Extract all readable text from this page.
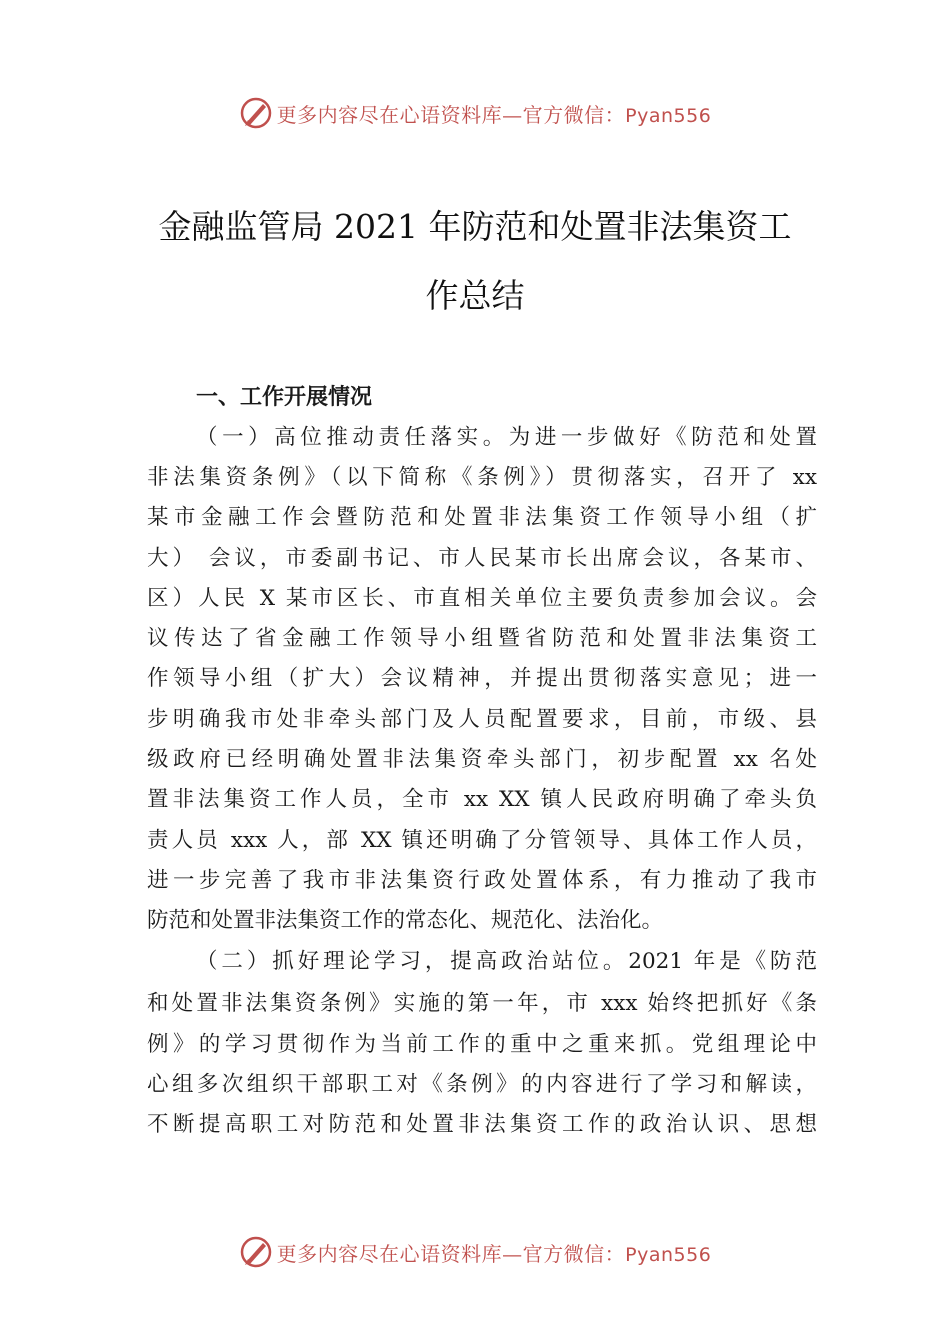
更多内容尽在心语资料库—官方微信：Pyan556
金融监管局 2021 年防范和处置非法集资工
作总结
一、工作开展情况
（一）高位推动责任落实。为进一步做好《防范和处置
非法集资条例》（以下简称《条例》）贯彻落实，召开了 xx
某市金融工作会暨防范和处置非法集资工作领导小组（扩
大） 会议，市委副书记、市人民某市长出席会议，各某市、
区）人民 X 某市区长、市直相关单位主要负责参加会议。会
议传达了省金融工作领导小组暨省防范和处置非法集资工
作领导小组（扩大）会议精神，并提出贯彻落实意见；进一
步明确我市处非牵头部门及人员配置要求，目前，市级、县
级政府已经明确处置非法集资牵头部门，初步配置 xx 名处
置非法集资工作人员，全市 xx XX 镇人民政府明确了牵头负
责人员 xxx 人，部 XX 镇还明确了分管领导、具体工作人员，
进一步完善了我市非法集资行政处置体系，有力推动了我市
防范和处置非法集资工作的常态化、规范化、法治化。
（二）抓好理论学习，提高政治站位。2021 年是《防范
和处置非法集资条例》实施的第一年，市 xxx 始终把抓好《条
例》的学习贯彻作为当前工作的重中之重来抓。党组理论中
心组多次组织干部职工对《条例》的内容进行了学习和解读，
不断提高职工对防范和处置非法集资工作的政治认识、思想
更多内容尽在心语资料库—官方微信：Pyan556
